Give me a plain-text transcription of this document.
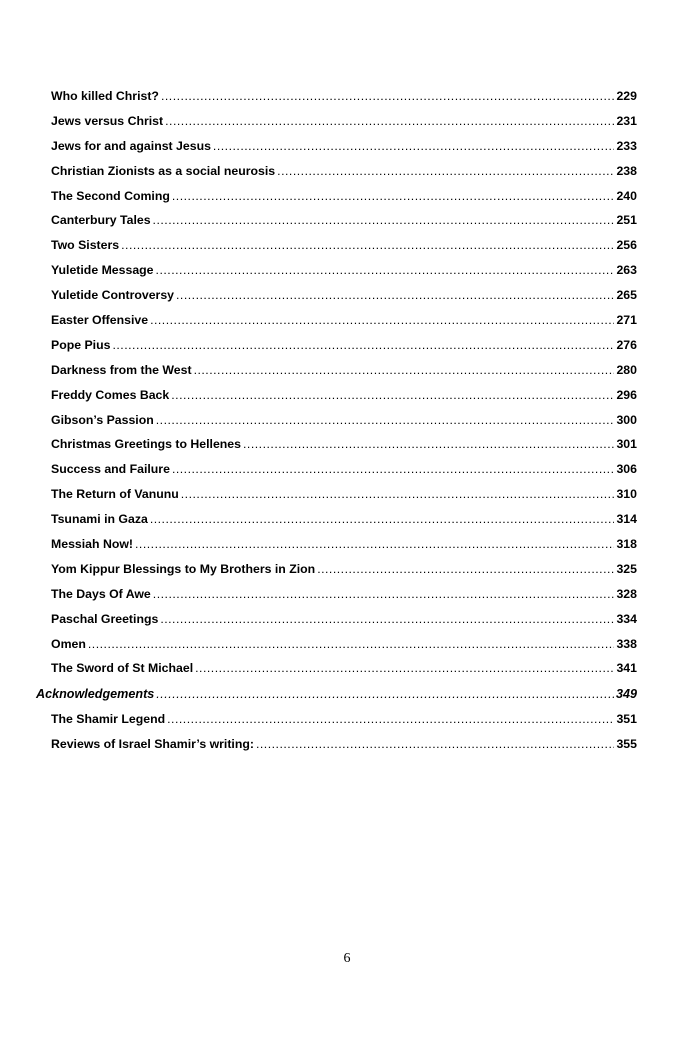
Who killed Christ? .....	229
Jews versus Christ .....	231
Jews for and against Jesus .....	233
Christian Zionists as a social neurosis .....	238
The Second Coming .....	240
Canterbury Tales .....	251
Two Sisters .....	256
Yuletide Message .....	263
Yuletide Controversy .....	265
Easter Offensive .....	271
Pope Pius .....	276
Darkness from the West .....	280
Freddy Comes Back .....	296
Gibson’s Passion .....	300
Christmas Greetings to Hellenes .....	301
Success and Failure .....	306
The Return of Vanunu .....	310
Tsunami in Gaza .....	314
Messiah Now! .....	318
Yom Kippur Blessings to My Brothers in Zion .....	325
The Days Of Awe .....	328
Paschal Greetings .....	334
Omen .....	338
The Sword of St Michael .....	341
Acknowledgements .....	349
The Shamir Legend .....	351
Reviews of Israel Shamir’s writing: .....	355
6
